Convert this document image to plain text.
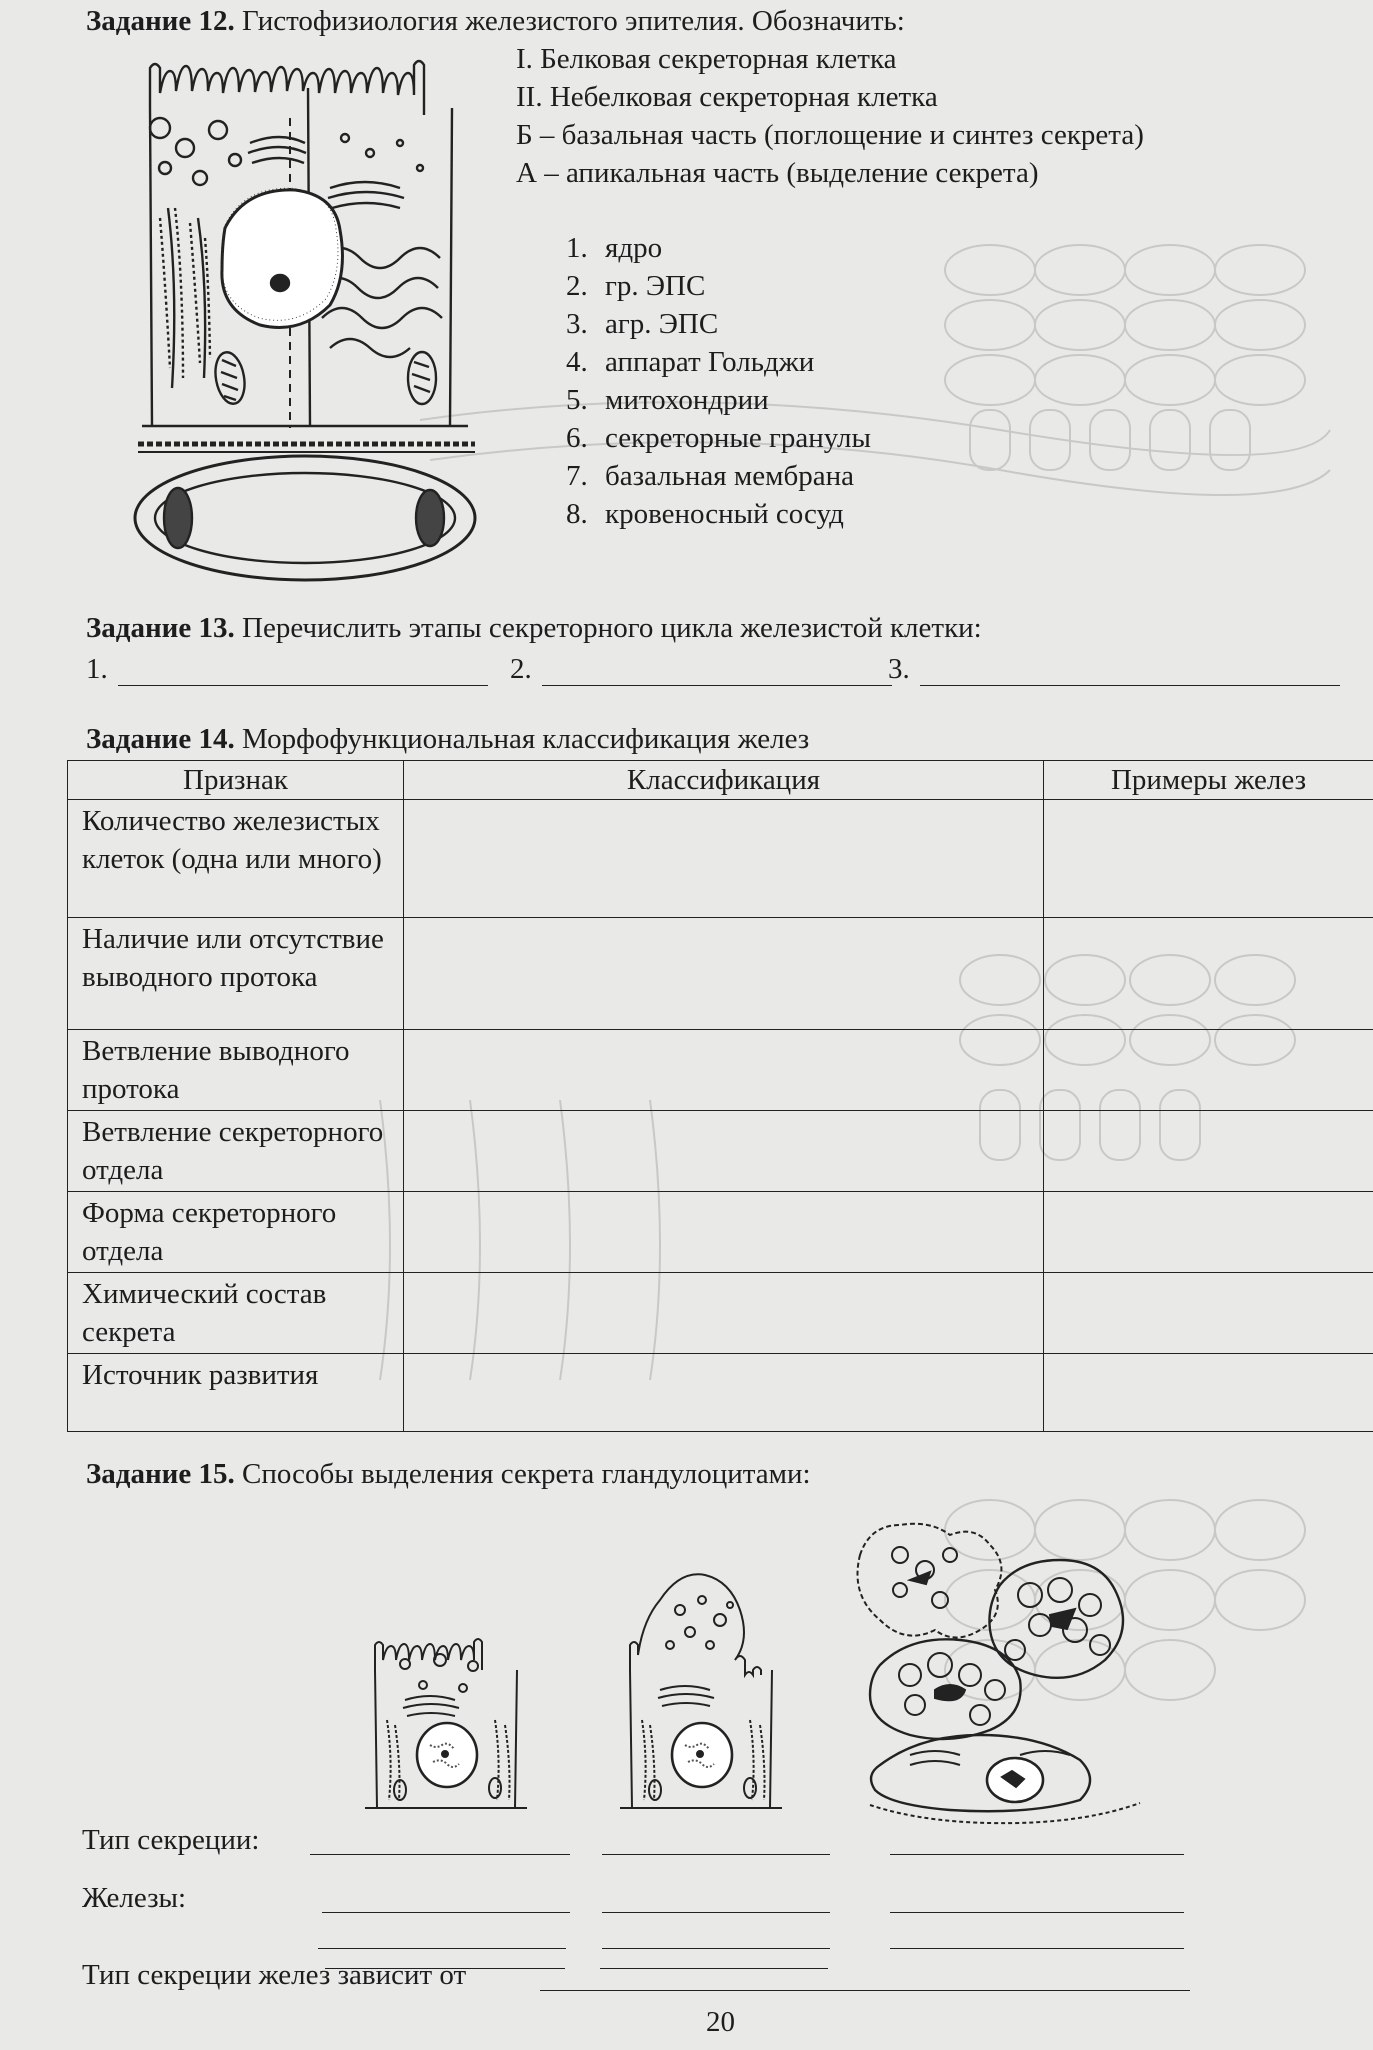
Задание 12. Гистофизиология железистого эпителия. Обозначить:
I. Белковая секреторная клетка
II. Небелковая секреторная клетка
Б – базальная часть (поглощение и синтез секрета)
А – апикальная часть (выделение секрета)
1. ядро
2. гр. ЭПС
3. агр. ЭПС
4. аппарат Гольджи
5. митохондрии
6. секреторные гранулы
7. базальная мембрана
8. кровеносный сосуд
Задание 13. Перечислить этапы секреторного цикла железистой клетки:
1.	2.	3.
Задание 14. Морфофункциональная классификация желез
Признак	Классификация	Примеры желез
Количество железистых клеток (одна или много)		
Наличие или отсутствие выводного протока		
Ветвление выводного протока		
Ветвление секреторного отдела		
Форма секреторного отдела		
Химический состав секрета		
Источник развития		
Задание 15. Способы выделения секрета гландулоцитами:
Тип секреции:
Железы:
Тип секреции желез зависит от
20
